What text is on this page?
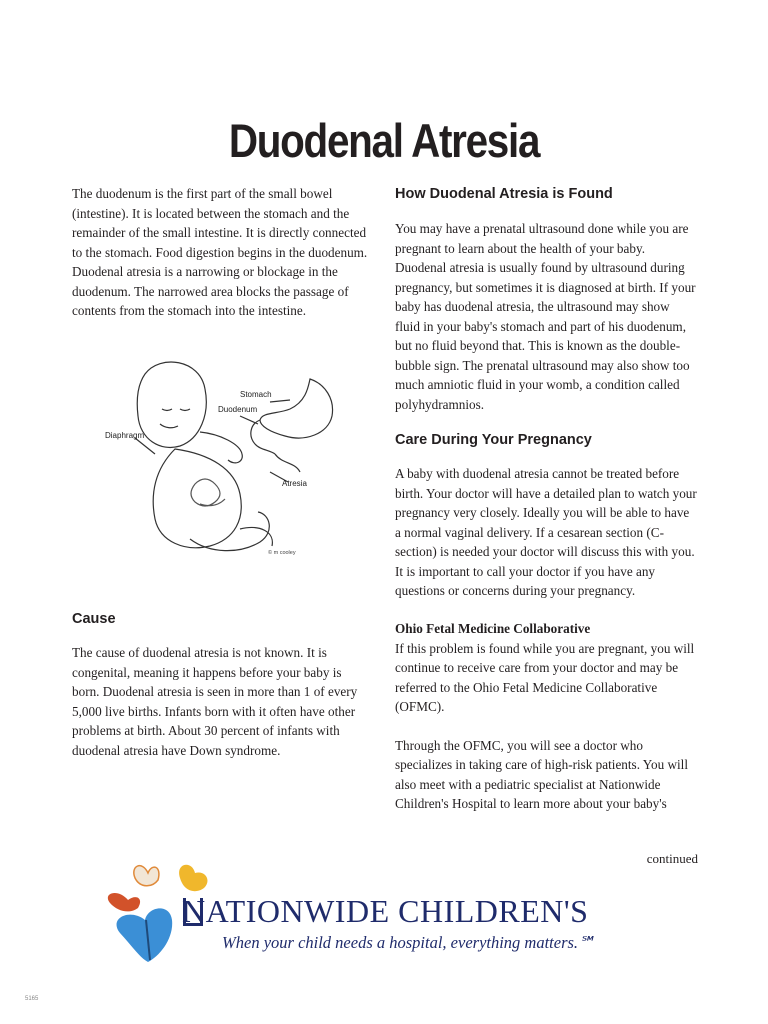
Duodenal Atresia

The duodenum is the first part of the small bowel (intestine). It is located between the stomach and the remainder of the small intestine. It is directly connected to the stomach. Food digestion begins in the duodenum. Duodenal atresia is a narrowing or blockage in the duodenum. The narrowed area blocks the passage of contents from the stomach into the intestine.

Stomach
Duodenum
Diaphragm
Atresia
© m cooley
Cause

The cause of duodenal atresia is not known. It is congenital, meaning it happens before your baby is born. Duodenal atresia is seen in more than 1 of every 5,000 live births. Infants born with it often have other problems at birth. About 30 percent of infants with duodenal atresia have Down syndrome.

How Duodenal Atresia is Found

You may have a prenatal ultrasound done while you are pregnant to learn about the health of your baby. Duodenal atresia is usually found by ultrasound during pregnancy, but sometimes it is diagnosed at birth. If your baby has duodenal atresia, the ultrasound may show fluid in your baby's stomach and part of his duodenum, but no fluid beyond that. This is known as the double-bubble sign. The prenatal ultrasound may also show too much amniotic fluid in your womb, a condition called polyhydramnios.

Care During Your Pregnancy

A baby with duodenal atresia cannot be treated before birth. Your doctor will have a detailed plan to watch your pregnancy very closely. Ideally you will be able to have a normal vaginal delivery. If a cesarean section (C-section) is needed your doctor will discuss this with you. It is important to call your doctor if you have any questions or concerns during your pregnancy.

Ohio Fetal Medicine Collaborative
If this problem is found while you are pregnant, you will continue to receive care from your doctor and may be referred to the Ohio Fetal Medicine Collaborative (OFMC).
Through the OFMC, you will see a doctor who specializes in taking care of high-risk patients. You will also meet with a pediatric specialist at Nationwide Children's Hospital to learn more about your baby's

continued

NATIONWIDE CHILDREN'S

When your child needs a hospital, everything matters.℠

5165
